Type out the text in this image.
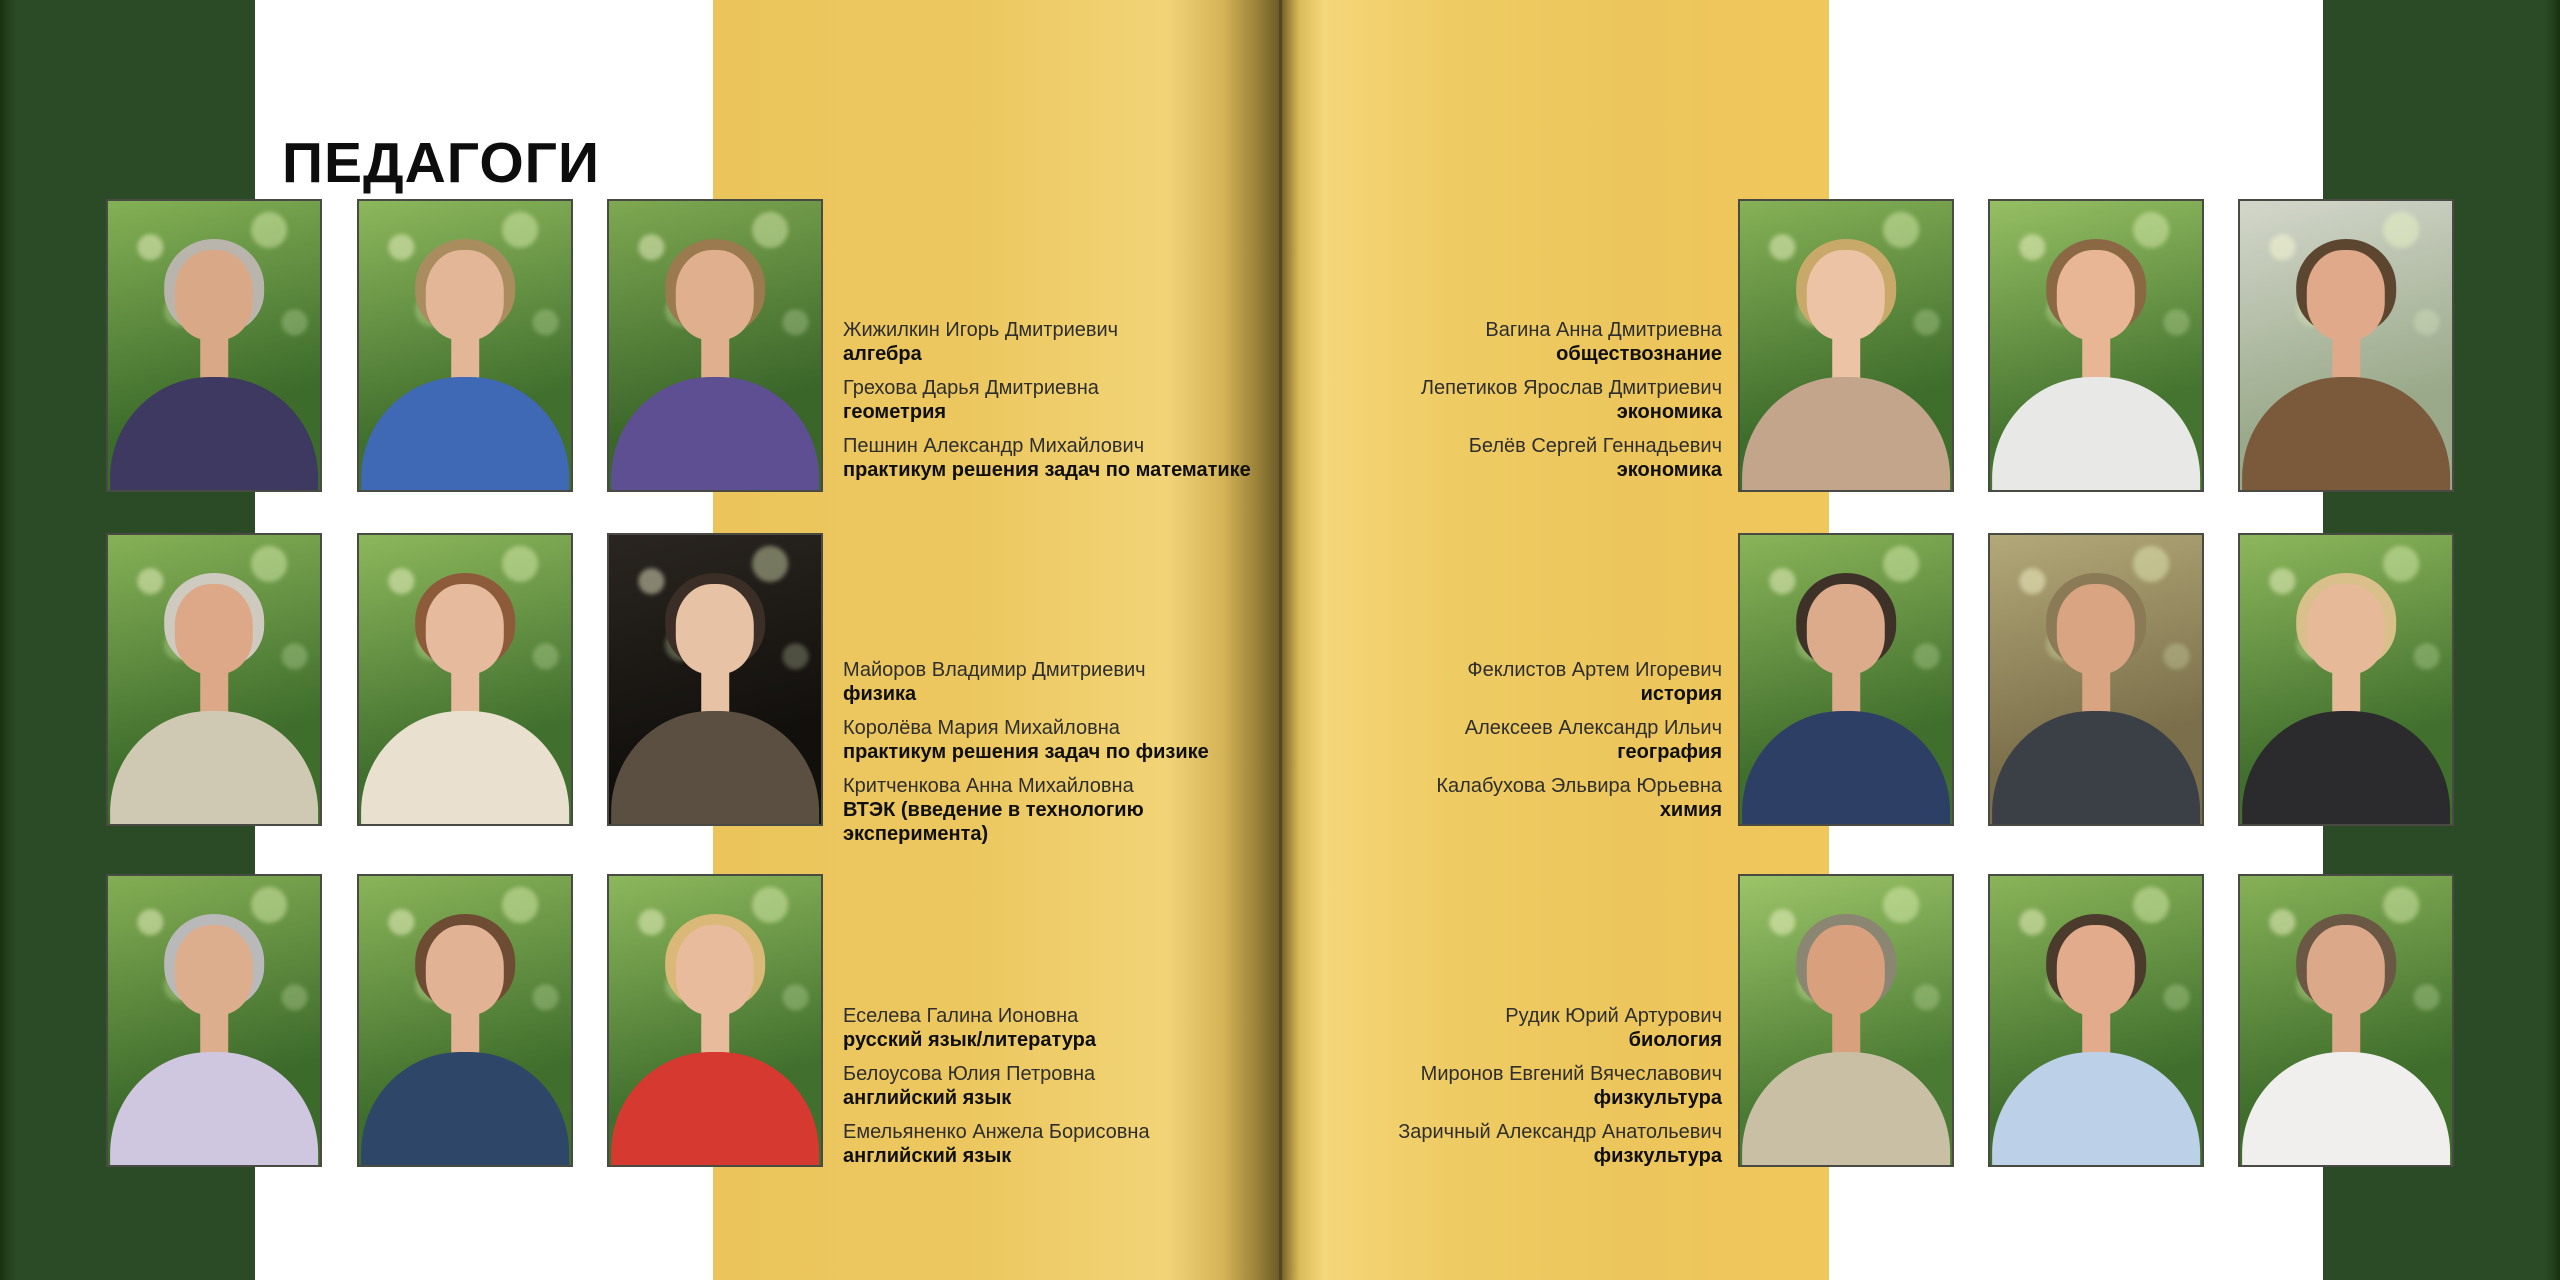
ПЕДАГОГИ
Жижилкин Игорь Дмитриевич
алгебра
Грехова Дарья Дмитриевна
геометрия
Пешнин Александр Михайлович
практикум решения задач по математике
Майоров Владимир Дмитриевич
физика
Королёва Мария Михайловна
практикум решения задач по физике
Критченкова Анна Михайловна
ВТЭК (введение в технологию эксперимента)
Еселева Галина Ионовна
русский язык/литература
Белоусова Юлия Петровна
английский язык
Емельяненко Анжела Борисовна
английский язык
Вагина Анна Дмитриевна
обществознание
Лепетиков Ярослав Дмитриевич
экономика
Белёв Сергей Геннадьевич
экономика
Феклистов Артем Игоревич
история
Алексеев Александр Ильич
география
Калабухова Эльвира Юрьевна
химия
Рудик Юрий Артурович
биология
Миронов Евгений Вячеславович
физкультура
Заричный Александр Анатольевич
физкультура
